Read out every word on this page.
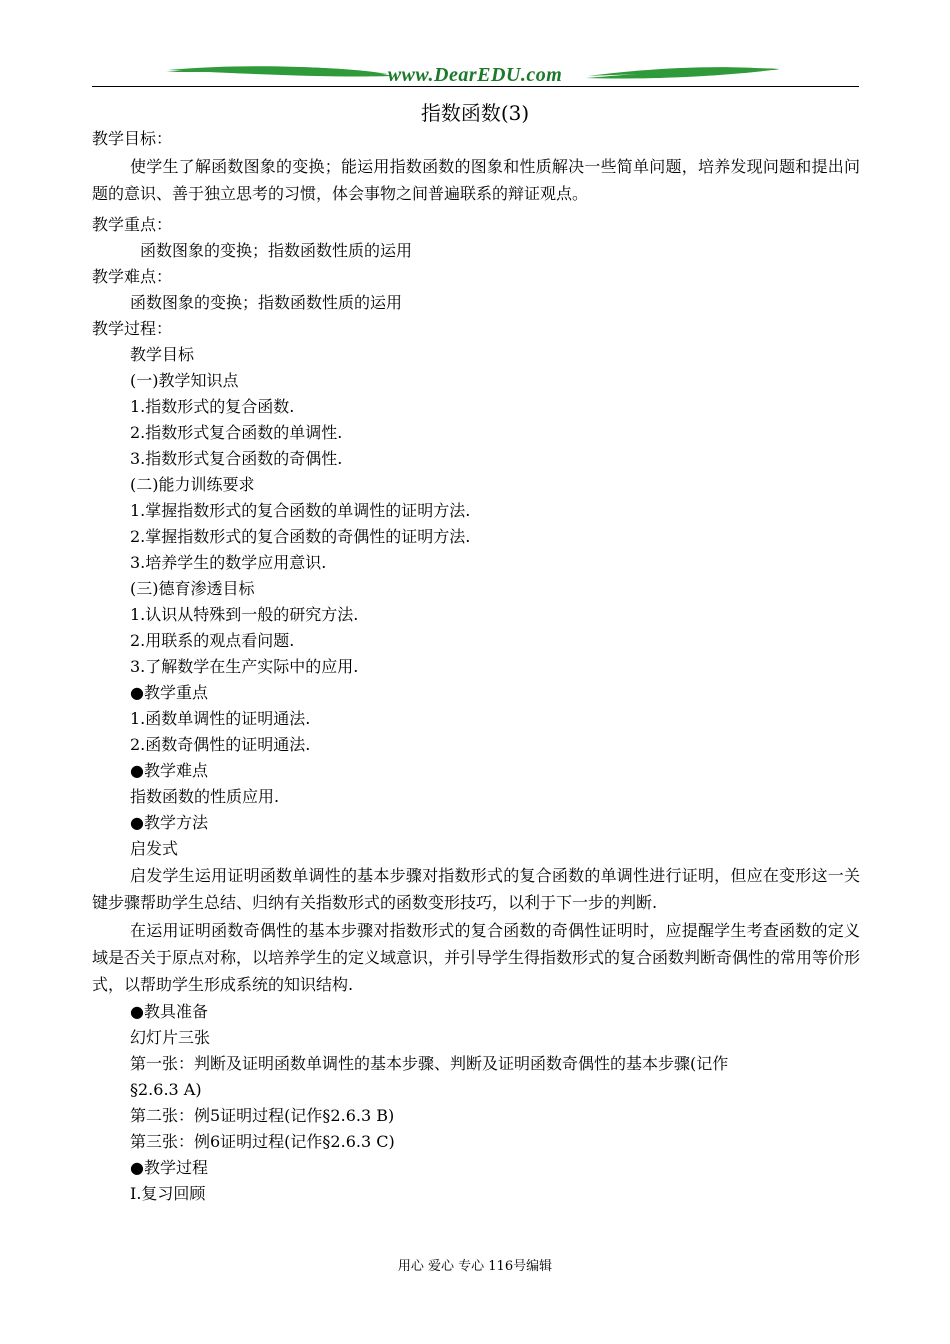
www.DearEDU.com
指数函数(3)
教学目标：
使学生了解函数图象的变换；能运用指数函数的图象和性质解决一些简单问题，培养发现问题和提出问题的意识、善于独立思考的习惯，体会事物之间普遍联系的辩证观点。
教学重点：
函数图象的变换；指数函数性质的运用
教学难点：
函数图象的变换；指数函数性质的运用
教学过程：
教学目标
(一)教学知识点
1.指数形式的复合函数.
2.指数形式复合函数的单调性.
3.指数形式复合函数的奇偶性.
(二)能力训练要求
1.掌握指数形式的复合函数的单调性的证明方法.
2.掌握指数形式的复合函数的奇偶性的证明方法.
3.培养学生的数学应用意识.
(三)德育渗透目标
1.认识从特殊到一般的研究方法.
2.用联系的观点看问题.
3.了解数学在生产实际中的应用.
●教学重点
1.函数单调性的证明通法.
2.函数奇偶性的证明通法.
●教学难点
指数函数的性质应用.
●教学方法
启发式
启发学生运用证明函数单调性的基本步骤对指数形式的复合函数的单调性进行证明，但应在变形这一关键步骤帮助学生总结、归纳有关指数形式的函数变形技巧，以利于下一步的判断.
在运用证明函数奇偶性的基本步骤对指数形式的复合函数的奇偶性证明时，应提醒学生考查函数的定义域是否关于原点对称，以培养学生的定义域意识，并引导学生得指数形式的复合函数判断奇偶性的常用等价形式，以帮助学生形成系统的知识结构.
●教具准备
幻灯片三张
第一张：判断及证明函数单调性的基本步骤、判断及证明函数奇偶性的基本步骤(记作
§2.6.3 A)
第二张：例5证明过程(记作§2.6.3 B)
第三张：例6证明过程(记作§2.6.3 C)
●教学过程
Ⅰ.复习回顾
用心 爱心 专心 116号编辑
